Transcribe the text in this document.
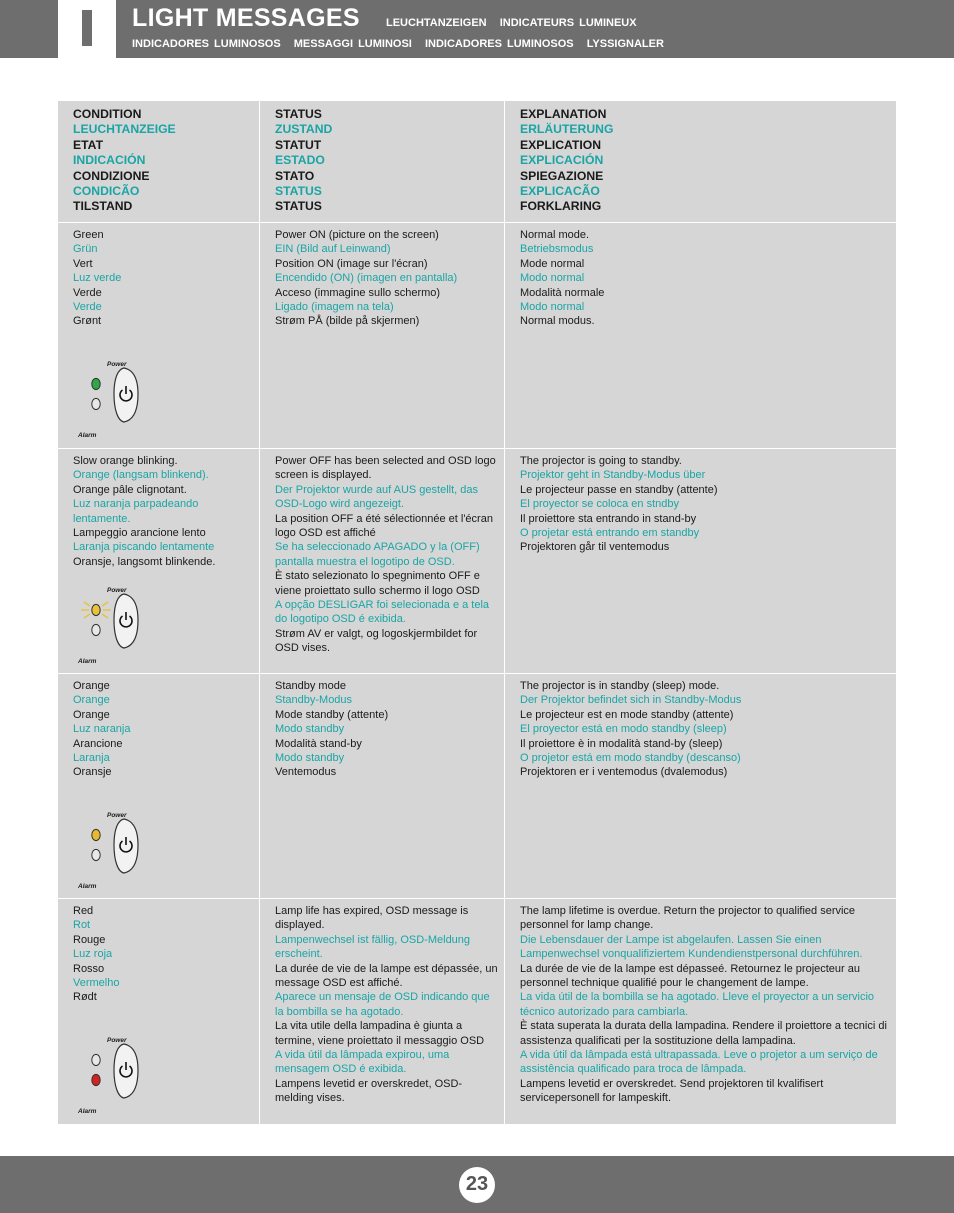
LIGHT MESSAGES LEUCHTANZEIGEN INDICATEURS LUMINEUX
INDICADORES LUMINOSOS MESSAGGI LUMINOSI INDICADORES LUMINOSOS LYSSIGNALER
CONDITION
LEUCHTANZEIGE
ETAT
INDICACIÓN
CONDIZIONE
CONDICÃO
TILSTAND
STATUS
ZUSTAND
STATUT
ESTADO
STATO
STATUS
STATUS
EXPLANATION
ERLÄUTERUNG
EXPLICATION
EXPLICACIÓN
SPIEGAZIONE
EXPLICACÃO
FORKLARING
Green
Grün
Vert
Luz verde
Verde
Verde
Grønt
Power
Alarm
Power ON (picture on the screen)
EIN (Bild auf Leinwand)
Position ON (image sur l'écran)
Encendido (ON) (imagen en pantalla)
Acceso (immagine sullo schermo)
Ligado (imagem na tela)
Strøm PÅ (bilde på skjermen)
Normal mode.
Betriebsmodus
Mode normal
Modo normal
Modalità normale
Modo normal
Normal modus.
Slow orange blinking.
Orange (langsam blinkend).
Orange pâle clignotant.
Luz naranja parpadeando lentamente.
Lampeggio arancione lento
Laranja piscando lentamente
Oransje, langsomt blinkende.
Power
Alarm
Power OFF has been selected and OSD logo screen is displayed.
Der Projektor wurde auf AUS gestellt, das OSD-Logo wird angezeigt.
La position OFF a été sélectionnée et l'écran logo OSD est affiché
Se ha seleccionado APAGADO y la (OFF) pantalla muestra el logotipo de OSD.
È stato selezionato lo spegnimento OFF e viene proiettato sullo schermo il logo OSD
A opção DESLIGAR foi selecionada e a tela do logotipo OSD é exibida.
Strøm AV er valgt, og logoskjermbildet for OSD vises.
The projector is going to standby.
Projektor geht in Standby-Modus über
Le projecteur passe en standby (attente)
El proyector se coloca en stndby
Il proiettore sta entrando in stand-by
O projetar está entrando em standby
Projektoren går til ventemodus
Orange
Orange
Orange
Luz naranja
Arancione
Laranja
Oransje
Power
Alarm
Standby mode
Standby-Modus
Mode standby (attente)
Modo standby
Modalità stand-by
Modo standby
Ventemodus
The projector is in standby (sleep) mode.
Der Projektor befindet sich in Standby-Modus
Le projecteur est en mode standby (attente)
El proyector está en modo standby (sleep)
Il proiettore è in modalità stand-by (sleep)
O projetor está em modo standby (descanso)
Projektoren er i ventemodus (dvalemodus)
Red
Rot
Rouge
Luz roja
Rosso
Vermelho
Rødt
Power
Alarm
Lamp life has expired, OSD message is displayed.
Lampenwechsel ist fällig, OSD-Meldung erscheint.
La durée de vie de la lampe est dépassée, un message OSD est affiché.
Aparece un mensaje de OSD indicando que la bombilla se ha agotado.
La vita utile della lampadina è giunta a termine, viene proiettato il messaggio OSD
A vida útil da lâmpada expirou, uma mensagem OSD é exibida.
Lampens levetid er overskredet, OSD-melding vises.
The lamp lifetime is overdue. Return the projector to qualified service personnel for lamp change.
Die Lebensdauer der Lampe ist abgelaufen. Lassen Sie einen Lampenwechsel vonqualifiziertem Kundendienstpersonal durchführen.
La durée de vie de la lampe est dépasseé. Retournez le projecteur au personnel technique qualifié pour le changement de lampe.
La vida útil de la bombilla se ha agotado. Lleve el proyector a un servicio técnico autorizado para cambiarla.
È stata superata la durata della lampadina. Rendere il proiettore a tecnici di assistenza qualificati per la sostituzione della lampadina.
A vida útil da lâmpada está ultrapassada. Leve o projetor a um serviço de assistência qualificado para troca de lâmpada.
Lampens levetid er overskredet. Send projektoren til kvalifisert servicepersonell for lampeskift.
23
